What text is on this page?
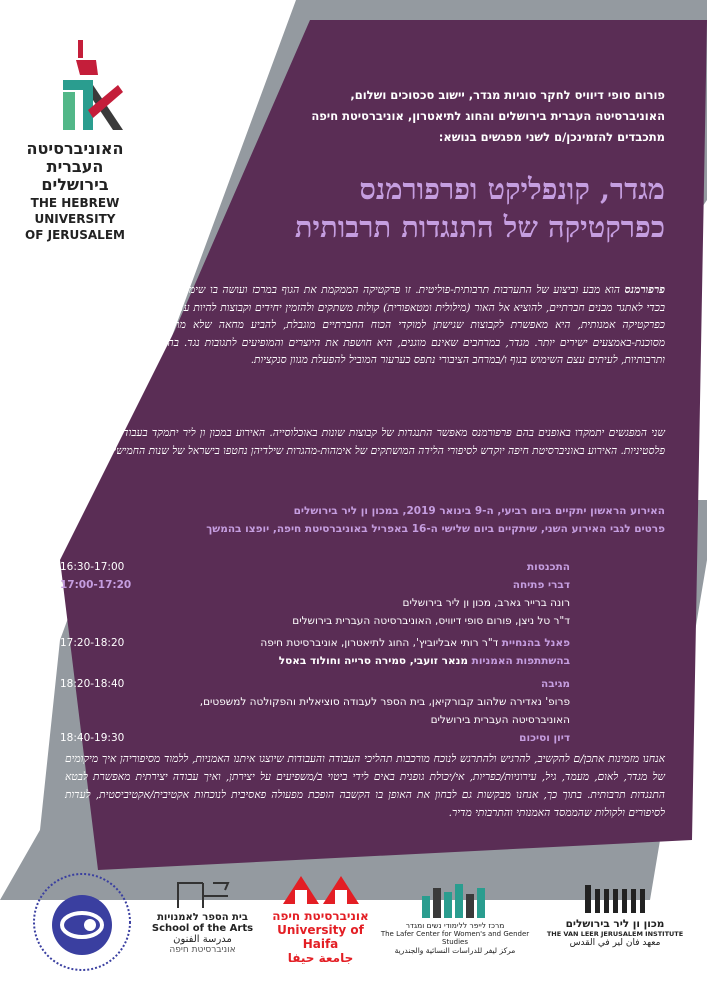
האוניברסיטה
העברית
בירושלים
THE HEBREW
UNIVERSITY
OF JERUSALEM
פורום סופי דיוויס לחקר סוגיות מגדר, יישוב סכסוכים ושלום,
האוניברסיטה העברית בירושלים והחוג לתיאטרון, אוניברסיטת חיפה
מתכבדים להזמינכן/ם לשני מפגשים בנושא:
מגדר, קונפליקט ופרפורמנס
כפרקטיקה של התנגדות תרבותית
פרפורמנס הוא מבע וביצוע של התערבות תרבותית-פוליטית. זו פרקטיקה הממקמת את הגוף במרכז ועושה בו שימוש, ביחוד במרחבים ציבוריים, בכדי לאתגר מבנים חברתיים, להוציא אל האור (מילולית ומטאפורית) קולות משתקים ולהזמין יחידים וקבוצות להיות עדים ומשתתפים כ/בעשייה זו. כפרקטיקה אמנותית, היא מאפשרת לקבוצות שגישתן למוקדי הכוח החברתיים מוגבלת, להביע מחאה שלא מתאפשרת-ויכולה אף להיות מסוכנת-באמצעים ישירים יותר. מגדר, במרחבים שאינם מוגנים, היא חושפת את היוצרים והמופיעים לתגובות נגד. בהתחשב בגורמות חברתיות ותרבותיות, לעיתים עצם השימוש בגוף ו/במרחב הציבורי נתפס כערעור המוביל להפעלת מגוון סנקציות.
שני המפגשים יתמקדו באופנים בהם פרפורמנס מאפשר התנגדות של קבוצות שונות באוכלוסייה. האירוע במכון ון ליר יתמקד בעבודתן של אמניות פלסטיניות. האירוע באוניברסיטת חיפה יוקדש לסיפורי הלידה המושתקים של אימהות-מהגרות שילדיהן נחטפו בישראל של שנות החמישים.
האירוע הראשון יתקיים ביום רביעי, ה-9 בינואר 2019, במכון ון ליר בירושלים
פרטים לגבי האירוע השני, שיתקיים ביום שלישי ה-16 באפריל באוניברסיטת חיפה, יופצו בהמשך
16:30-17:00	התכנסות
17:00-17:20	דברי פתיחה
רונה ברייר גארב, מכון ון ליר בירושלים
ד"ר טל ניצן, פורום סופי דיוויס, האוניברסיטה העברית בירושלים
17:20-18:20	פאנל בהנחיית ד"ר רותי אבליוביץ', החוג לתיאטרון, אוניברסיטת חיפה
בהשתתפות האמניות מנאר זועבי, סמירה סרייה וחולוד באסל
18:20-18:40	מגיבה
פרופ' נאדירה שלהוב קבורקיאן, בית הספר לעבודה סוציאלית והפקולטה למשפטים,
האוניברסיטה העברית בירושלים
18:40-19:30	דיון וסיכום
אנחנו מזמינות אתכן/ם להקשיב, להרגיש ולהתרגש לנוכח מורכבות תהליכי העבודה והעבודות שיוצגו איתנו האמניות, ללמוד מסיפוריהן איך מיקומים של מגדר, לאום, מעמד, גיל, עירוניות/כפריות, אי/יכולת גופנית באים לידי ביטוי ב/משפיעים על יצירתן, ואיך עבודה יצירתית מאפשרת לבטא התנגדות תרבותית. בתוך כך, אנחנו מבקשות גם לבחון את האופן בו הקשבה הופכת מפעולה פאסיבית לנוכחות אקטיבית/אקטיביסטית, לעדות לסיפורים ולקולות שהממסד האמנותי והתרבותי מדיר.
בית הספר לאמנויות
School of the Arts
مدرسة الفنون
אוניברסיטת חיפה
אוניברסיטת חיפה
University of Haifa
جامعة حيفا
מרכז לייפר ללימודי נשים ומגדר
The Lafer Center for Women's and Gender Studies
مركز ليفر للدراسات النسائية والجندرية
מכון ון ליר בירושלים
THE VAN LEER JERUSALEM INSTITUTE
معهد فان لير في القدس
